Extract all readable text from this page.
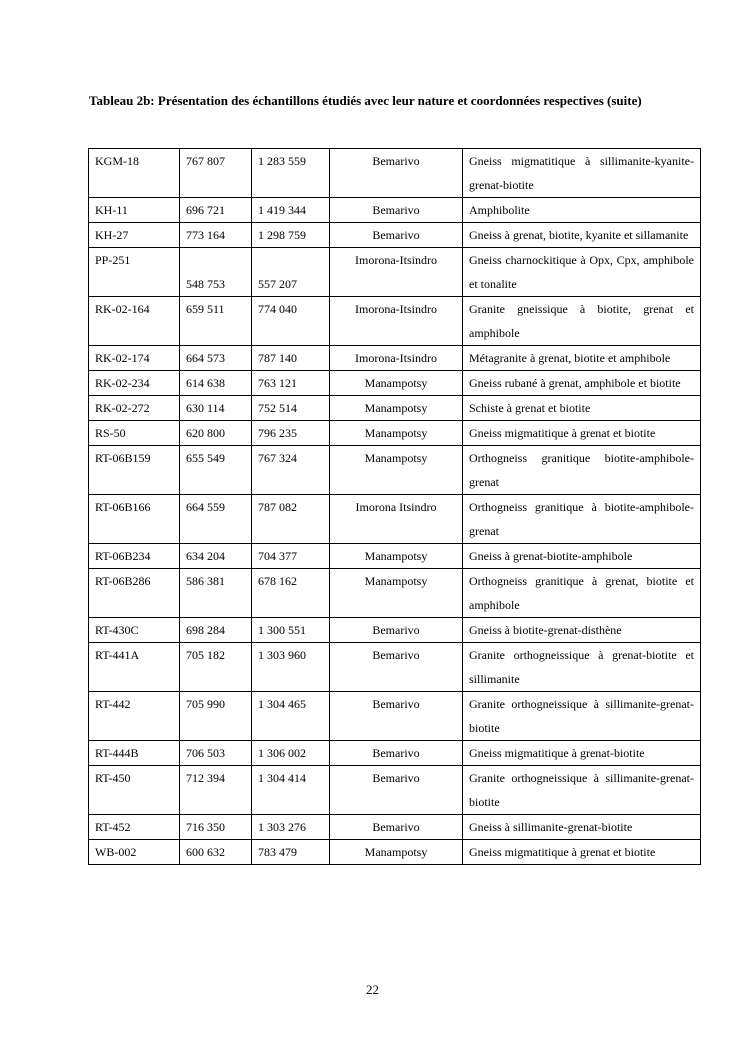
Tableau 2b: Présentation des échantillons étudiés avec leur nature et coordonnées respectives (suite)
KGM-18	767 807	1 283 559	Bemarivo	Gneiss migmatitique à sillimanite-kyanite-grenat-biotite
KH-11	696 721	1 419 344	Bemarivo	Amphibolite
KH-27	773 164	1 298 759	Bemarivo	Gneiss à grenat, biotite, kyanite et sillamanite
PP-251	548 753	557 207	Imorona-Itsindro	Gneiss charnockitique à Opx, Cpx, amphibole et tonalite
RK-02-164	659 511	774 040	Imorona-Itsindro	Granite gneissique à biotite, grenat et amphibole
RK-02-174	664 573	787 140	Imorona-Itsindro	Métagranite à grenat, biotite et amphibole
RK-02-234	614 638	763 121	Manampotsy	Gneiss rubané à grenat, amphibole et biotite
RK-02-272	630 114	752 514	Manampotsy	Schiste à grenat et biotite
RS-50	620 800	796 235	Manampotsy	Gneiss migmatitique à grenat et biotite
RT-06B159	655 549	767 324	Manampotsy	Orthogneiss granitique biotite-amphibole-grenat
RT-06B166	664 559	787 082	Imorona Itsindro	Orthogneiss granitique à biotite-amphibole-grenat
RT-06B234	634 204	704 377	Manampotsy	Gneiss à grenat-biotite-amphibole
RT-06B286	586 381	678 162	Manampotsy	Orthogneiss granitique à grenat, biotite et amphibole
RT-430C	698 284	1 300 551	Bemarivo	Gneiss à biotite-grenat-disthène
RT-441A	705 182	1 303 960	Bemarivo	Granite orthogneissique à grenat-biotite et sillimanite
RT-442	705 990	1 304 465	Bemarivo	Granite orthogneissique à sillimanite-grenat-biotite
RT-444B	706 503	1 306 002	Bemarivo	Gneiss migmatitique à grenat-biotite
RT-450	712 394	1 304 414	Bemarivo	Granite orthogneissique à sillimanite-grenat-biotite
RT-452	716 350	1 303 276	Bemarivo	Gneiss à sillimanite-grenat-biotite
WB-002	600 632	783 479	Manampotsy	Gneiss migmatitique à grenat et biotite
22
